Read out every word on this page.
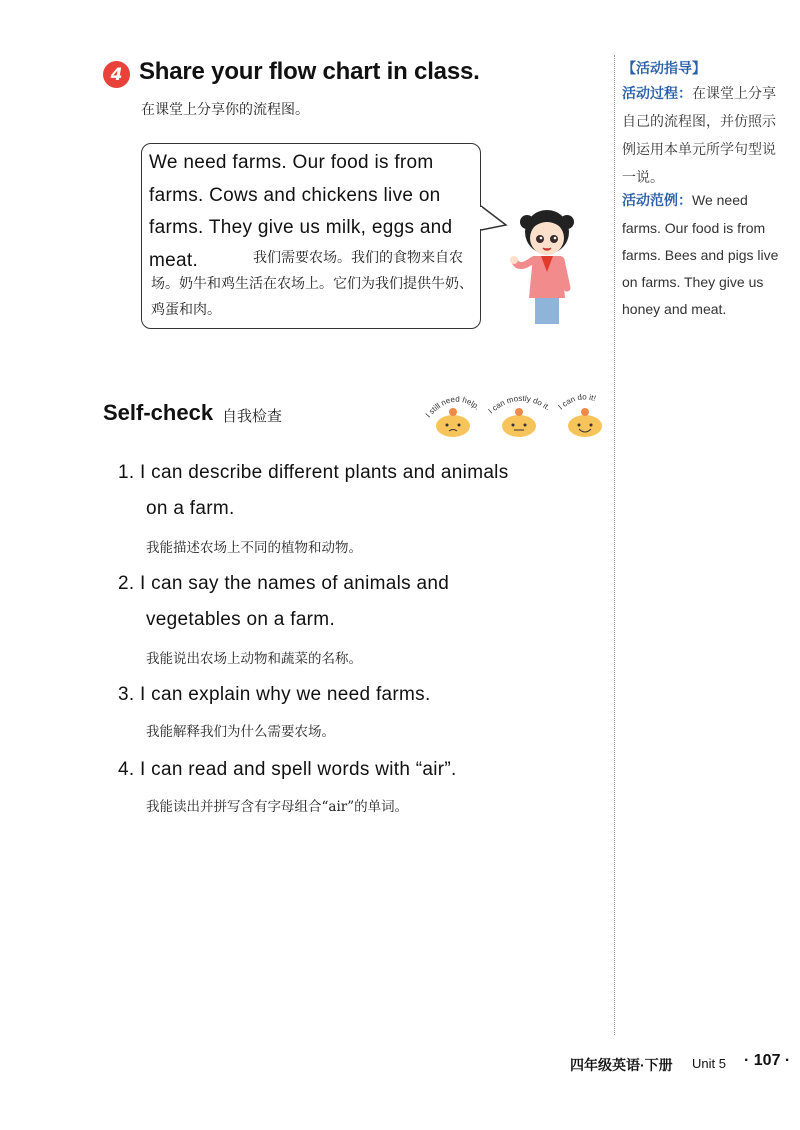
4 Share your flow chart in class.
在课堂上分享你的流程图。
We need farms. Our food is from farms. Cows and chickens live on farms. They give us milk, eggs and meat.	我们需要农场。我们的食物来自农场。奶牛和鸡生活在农场上。它们为我们提供牛奶、鸡蛋和肉。
Self-check 自我检查	I still need help. I can mostly do it. I can do it!
1. I can describe different plants and animals
on a farm.
我能描述农场上不同的植物和动物。
2. I can say the names of animals and
vegetables on a farm.
我能说出农场上动物和蔬菜的名称。
3. I can explain why we need farms.
我能解释我们为什么需要农场。
4. I can read and spell words with “air”.
我能读出并拼写含有字母组合“air”的单词。
【活动指导】
活动过程：在课堂上分享自己的流程图，并仿照示例运用本单元所学句型说一说。
活动范例：We need farms. Our food is from farms. Bees and pigs live on farms. They give us honey and meat.
四年级英语·下册 Unit 5 · 107 ·
